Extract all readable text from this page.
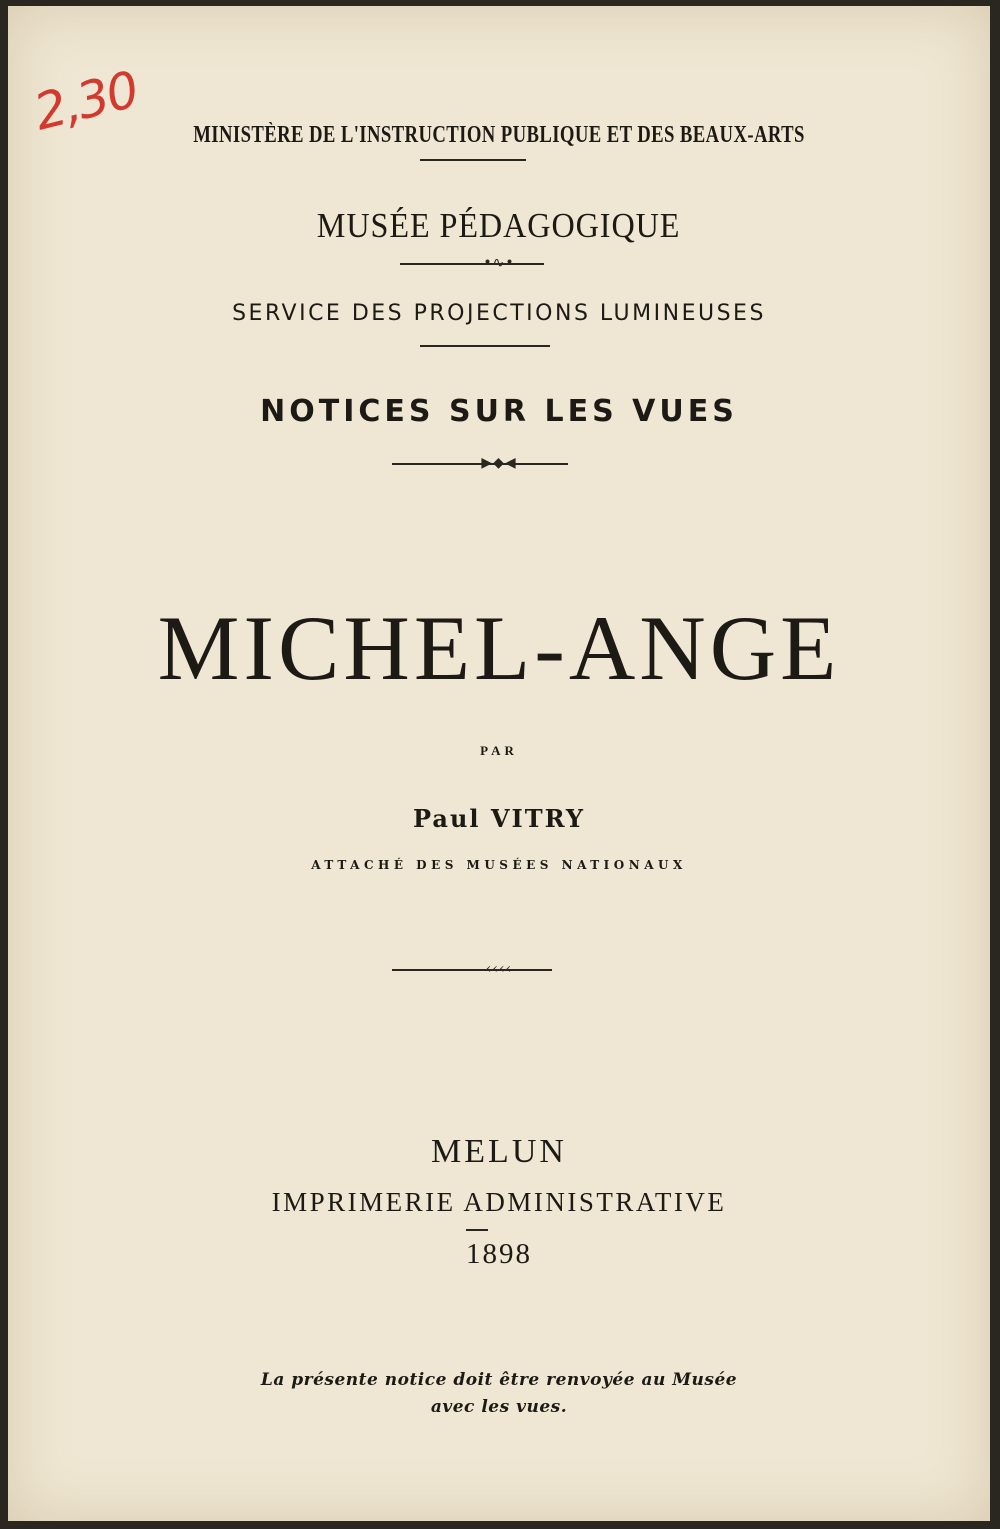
2,30	MINISTÈRE DE L'INSTRUCTION PUBLIQUE ET DES BEAUX-ARTS
MUSÉE PÉDAGOGIQUE
•∿•
SERVICE DES PROJECTIONS LUMINEUSES
NOTICES SUR LES VUES
▶◆◀
MICHEL-ANGE
PAR
Paul VITRY
ATTACHÉ DES MUSÉES NATIONAUX
‹‹‹‹
MELUN
IMPRIMERIE ADMINISTRATIVE
1898
La présente notice doit être renvoyée au Musée
avec les vues.
